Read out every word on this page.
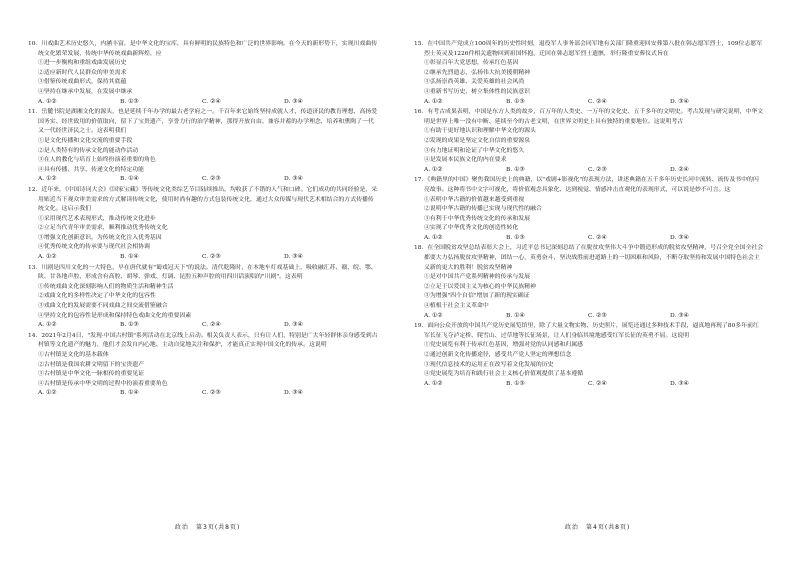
10．川戏曲艺术历史悠久，内涵丰富，是中华文化的宝库，具有鲜明的民族特色和广泛的世界影响。在今天的新形势下，实现川戏曲传统文化繁荣发展，传统中华传统戏曲新辉煌，应
①进一步衡构和重组戏曲发展历史
②适应新时代人民群众的审美需求
③借鉴传统戏曲形式，保持其底蕴
④坚持在继承中发展，在发展中继承
A. ①②	B. ①③	C. ②④	D. ③④
11．岳麓书院是湖湘文化的源头，也是延续千年办学的最古老学府之一。千百年来它始终坚持成就人才，传道济民的教育理想，高扬爱国务实、经世致用的价值取向，留下了宝贵遗产，享誉力行的治学精神，那得开放自由、兼容并蓄的办学理念，培养和熏陶了一代又一代经世济民之士。这表明我们
①是文化传播和文化交流的重要手段
②是人类特有的传承文化的能动作活动
③在人的教化与培育上始终扮演着重要的角色
④具有传播、共享、传递文化的特定功能
A. ①②	B. ①④	C. ②③	D. ③④
12．近年来，《中国诗词大会》《国家宝藏》等传统文化类综艺节目陆续推出，均收获了不错的人气和口碑。它们成功的共同经验是，采用贴近当下观众审美需求的方式解读传统文化，使用时尚有趣的方式包装传统文化，通过大众传媒与现代艺术相结合的方式传播传统文化。这启示我们
①采用现代艺术表现形式，推动传统文化进步
②立足当代青年审美需求，顺利推动优秀传统文化
③增强文化创新意识，为传统文化注入优秀基因
④优秀传统文化的传承要与现代社会相协调
A. ①②	B. ①④	C. ②③	D. ③④
13．川剧是四川文化的一大特色，早在唐代就有"蜀戏冠天下"的说法。清代乾隆时，在本地车灯戏基础上，吸收融汇苏、赣、皖、鄂、陕、甘各地声腔，形成含有高腔、胡琴、弹戏、灯调、昆腔五种声腔的用四川话演唱的"川剧"。这表明
①传统戏曲文化深刻影响人们的物质生活和精神生活
②戏曲文化的多样性决定了中华文化的包容性
③戏曲文化的发展需要不同戏曲之间交流借鉴融合
④坚持文化的包容性是形成和保持特色戏曲文化的重要因素
A. ①②	B. ①③	C. ②④	D. ③④
14．2021年2月4日，"发现·中国古村镇"系列活动在北京线上启动。相关负责人表示，只有让人们，特别是广大年轻群体亲身感受到古村镇等文化遗产的魅力，他们才会发自内心地、主动自觉地关注和保护，才能真正实现中国文化的传承。这说明
①古村镇是文化的基本载体
②古村镇是我国农耕文明留下的宝贵遗产
③古村镇是中华文化一脉相传的重要见证
④古村镇是传承中华文明的过程中扮演着重要角色
A. ①②	B. ①④	C. ②③	D. ③④
15．在中国共产党成立100周年的历史性时刻，退役军人事务部会同军地有关部门隆重迎回安葬第八批在韩志愿军烈士，109位志愿军烈士英灵及1226件相关遗物回到祖国怀抱。迁回在韩志愿军烈士遗骸，举行隆重安葬仪式旨在
①彰显百年大党思想，传承红色基因
②继承先烈遗志，弘扬伟大抗美援朝精神
③弘扬崇尚英雄、关爱英雄的社会风尚
④重新书写历史，树立集体性的民族意识
A. ①②	B. ①③	C. ②④	D. ③④
16．有考古成果表明，中国是东方人类的故乡，百万年的人类史、一万年的文化史、五千多年的文明史。考古发现与研究说明，中华文明是世界上唯一没有中断、延续至今的古老文明，在世界文明史上具有独特的重要地位。这说明考古
①有助于更好地认识和理解中华文化的源头
②发现的成果是坚定文化自信的重要源泉
③有力地证明和论证了中华文化的悠久
④是发展本民族文化的内在要求
A. ①②	B. ①③	C. ②③	D. ②④
17．《典籍里的中国》聚焦我国历史上的典籍，以"戏剧+影视化"的表现方法，讲述典籍在五千多年历史长河中流转、流传及书中的闪亮故事。这种将书中文字可视化，将价值观念具象化、达到视觉、情感冲击直观化的表现形式，可以说是妙不可言。这
①表明中华古籍的价值越来越受到重视
②说明中华古籍的传播已实现与现代性的融合
③有利于中华优秀传统文化的传承和发展
④实现了中华优秀文化的创造性转化
A. ①②	B. ①③	C. ②④	D. ③④
18．在全国脱贫攻坚总结表彰大会上，习近平总书记深刻总结了在脱贫攻坚伟大斗争中锻造形成的脱贫攻坚精神，号召全党全国全社会都要大力弘扬脱贫攻坚精神，团结一心，英勇奋斗，坚决战胜前进道路上的一切困难和风险，不断夺取坚持和发展中国特色社会主义新的更大的胜利！脱贫攻坚精神
①是对中国共产党系列精神的传承与发展
②立足于以爱国主义为核心的中华民族精神
③为增强"四个自信"增加了新的现实确证
④植根于社会主义革命中
A. ①②	B. ①④	C. ②③	D. ③④
19．面向公众开放的中国共产党历史展览馆里，除了大量文物实物、历史照片，展览还通过多种技术手段，逼真地再现了80多年前红军长征飞夺泸定桥、爬雪山、过草地等长征场景，让人们身临其境地感受红军长征的英勇不屈。这说明
①党史展览有利于传承红色基因，增强对党的认同感和归属感
②通过创新文化传播途径，感受共产党人坚定的理想信念
③现代信息技术的运用正在改写着文化发展的历史
④党史展览为培育和践行社会主义核心价值观提供了基本遵循
A. ①②	B. ①③	C. ②④	D. ③④
政治　第3页(共8页)	政治　第4页(共8页)
